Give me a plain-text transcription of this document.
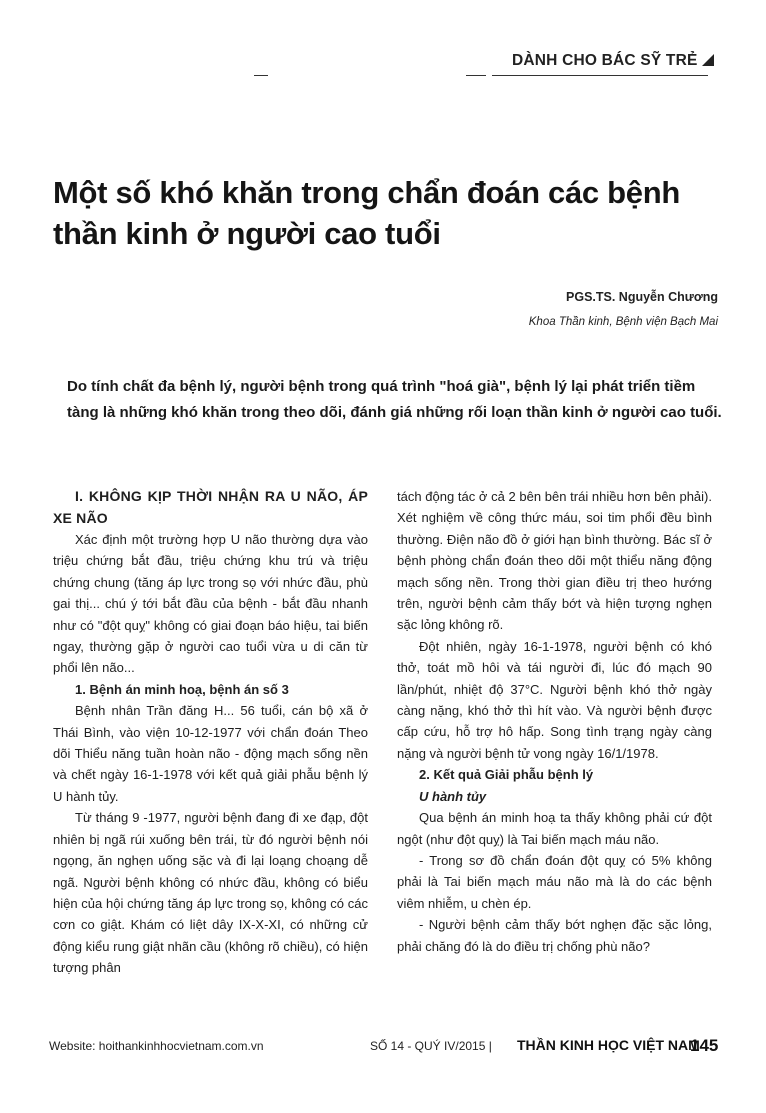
DÀNH CHO BÁC SỸ TRẺ
Một số khó khăn trong chẩn đoán các bệnh thần kinh ở người cao tuổi
PGS.TS. Nguyễn Chương
Khoa Thần kinh, Bệnh viện Bạch Mai

Do tính chất đa bệnh lý, người bệnh trong quá trình "hoá già", bệnh lý lại phát triển tiềm tàng là những khó khăn trong theo dõi, đánh giá những rối loạn thần kinh ở người cao tuổi.

I. KHÔNG KỊP THỜI NHẬN RA U NÃO, ÁP XE NÃO

Xác định một trường hợp U não thường dựa vào triệu chứng bắt đầu, triệu chứng khu trú và triệu chứng chung (tăng áp lực trong sọ với nhức đầu, phù gai thị... chú ý tới bắt đầu của bệnh - bắt đầu nhanh như có "đột quỵ" không có giai đoạn báo hiệu, tai biến ngay, thường gặp ở người cao tuổi vừa u di căn từ phổi lên não...

1. Bệnh án minh hoạ, bệnh án số 3

Bệnh nhân Trần đăng H... 56 tuổi, cán bộ xã ở Thái Bình, vào viện 10-12-1977 với chẩn đoán Theo dõi Thiểu năng tuần hoàn não - động mạch sống nền và chết ngày 16-1-1978 với kết quả giải phẫu bệnh lý U hành tủy.

Từ tháng 9 -1977, người bệnh đang đi xe đạp, đột nhiên bị ngã rúi xuống bên trái, từ đó người bệnh nói ngọng, ăn nghẹn uống sặc và đi lại loạng choạng dễ ngã. Người bệnh không có nhức đầu, không có biểu hiện của hội chứng tăng áp lực trong sọ, không có các cơn co giật. Khám có liệt dây IX-X-XI, có những cử động kiểu rung giật nhãn cầu (không rõ chiều), có hiện tượng phân

tách động tác ở cả 2 bên bên trái nhiều hơn bên phải). Xét nghiệm về công thức máu, soi tim phổi đều bình thường. Điện não đồ ở giới hạn bình thường. Bác sĩ ở bệnh phòng chẩn đoán theo dõi một thiểu năng động mạch sống nền. Trong thời gian điều trị theo hướng trên, người bệnh cảm thấy bớt và hiện tượng nghẹn sặc lỏng không rõ.

Đột nhiên, ngày 16-1-1978, người bệnh có khó thở, toát mồ hôi và tái người đi, lúc đó mạch 90 lần/phút, nhiệt độ 37°C. Người bệnh khó thở ngày càng nặng, khó thở thì hít vào. Và người bệnh được cấp cứu, hỗ trợ hô hấp. Song tình trạng ngày càng nặng và người bệnh tử vong ngày 16/1/1978.

2. Kết quả Giải phẫu bệnh lý

U hành tủy

Qua bệnh án minh hoạ ta thấy không phải cứ đột ngột (như đột quỵ) là Tai biến mạch máu não.

- Trong sơ đồ chẩn đoán đột quỵ có 5% không phải là Tai biến mạch máu não mà là do các bệnh viêm nhiễm, u chèn ép.

- Người bệnh cảm thấy bớt nghẹn đặc sặc lỏng, phải chăng đó là do điều trị chống phù não?

Website: hoithankinhhocvietnam.com.vn	SỐ 14 - QUÝ IV/2015 | THẦN KINH HỌC VIỆT NAM
145
